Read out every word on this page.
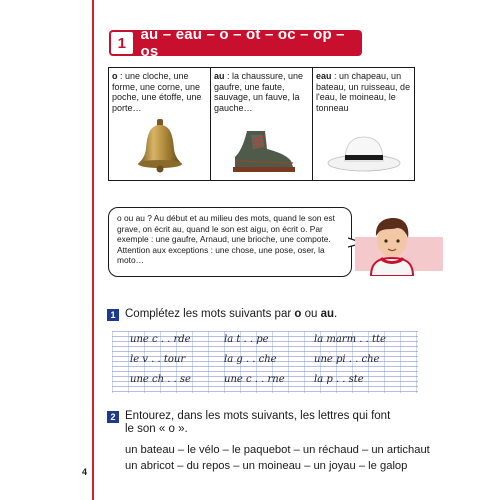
4
1 au – eau – o – ot – oc – op – os
o : une cloche, une forme, une corne, une poche, une étoffe, une porte…
au : la chaussure, une gaufre, une faute, sauvage, un fauve, la gauche…
eau : un chapeau, un bateau, un ruisseau, de l'eau, le moineau, le tonneau
o ou au ? Au début et au milieu des mots, quand le son est grave, on écrit au, quand le son est aigu, on écrit o. Par exemple : une gaufre, Arnaud, une brioche, une compote. Attention aux exceptions : une chose, une pose, oser, la moto…
1 Complétez les mots suivants par o ou au.
une c . . rde	la t . . pe	la marm . . tte
le v . . tour	la g . . che	une pi . . che
une ch . . se	une c . . rne	la p . . ste
2 Entourez, dans les mots suivants, les lettres qui font
le son « o ».
un bateau – le vélo – le paquebot – un réchaud – un artichaut
un abricot – du repos – un moineau – un joyau – le galop
